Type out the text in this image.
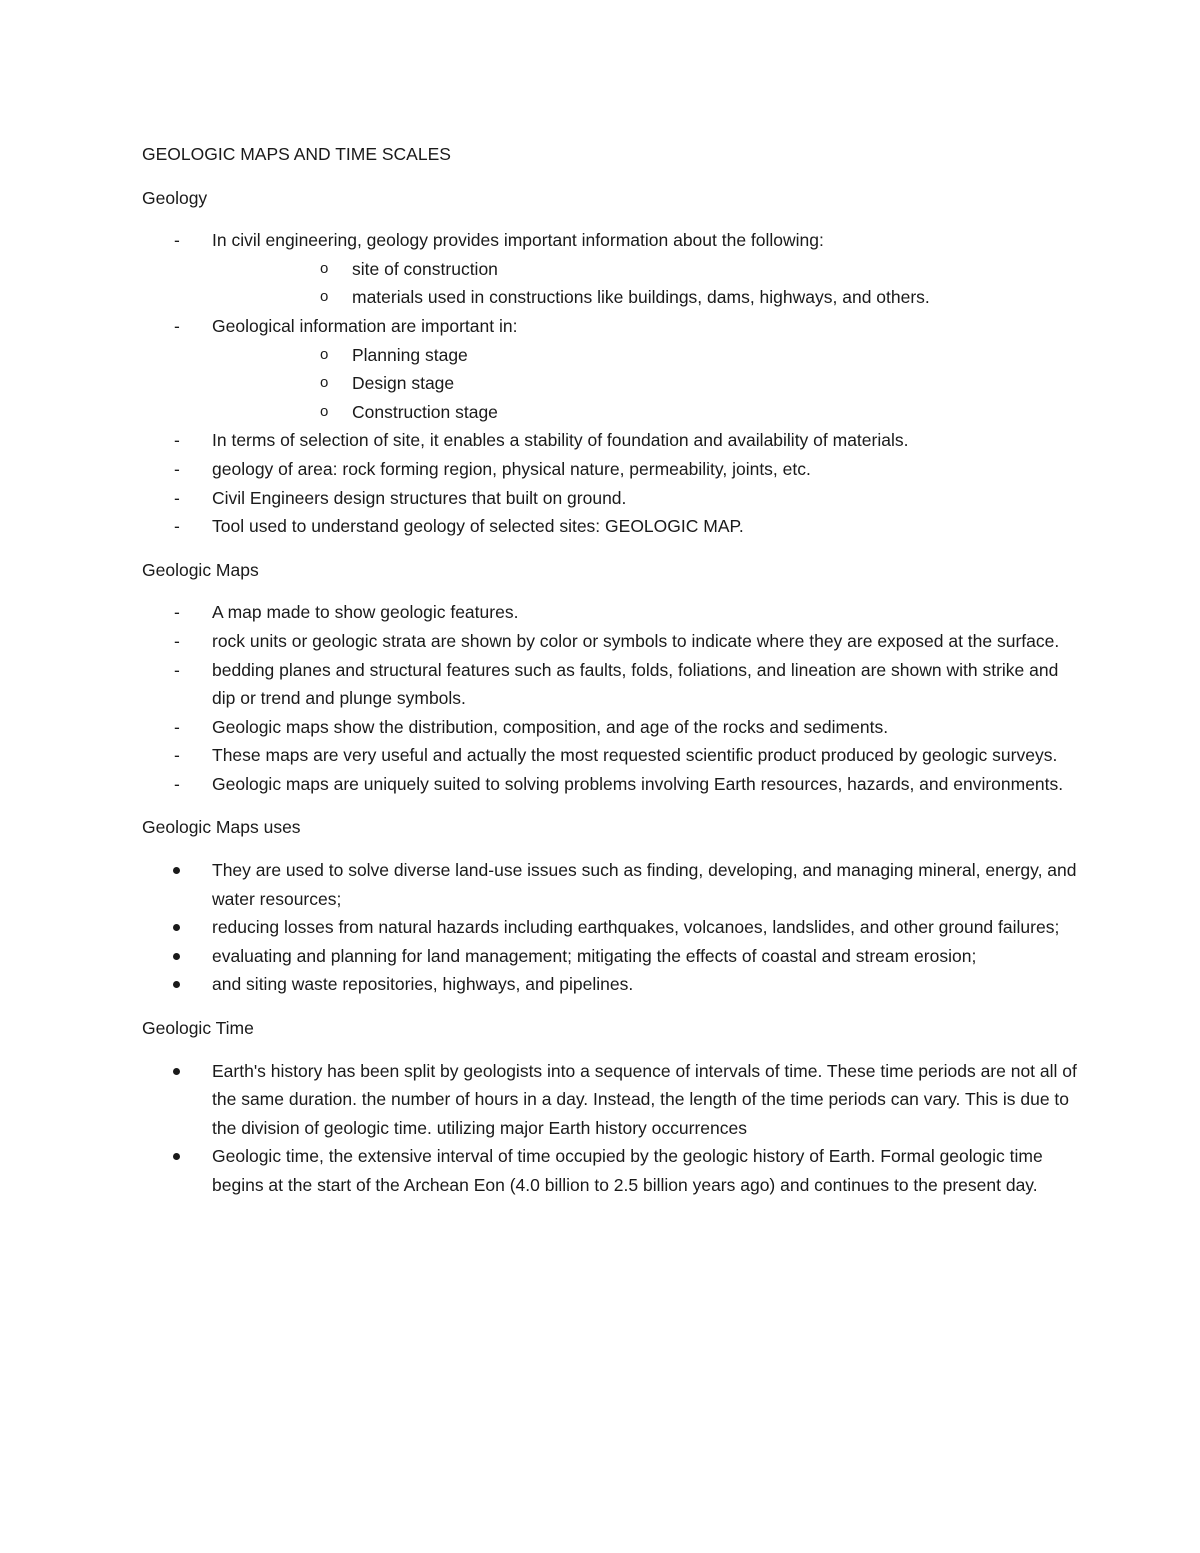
GEOLOGIC MAPS AND TIME SCALES
Geology
- In civil engineering, geology provides important information about the following:
o site of construction
o materials used in constructions like buildings, dams, highways, and others.
- Geological information are important in:
o Planning stage
o Design stage
o Construction stage
- In terms of selection of site, it enables a stability of foundation and availability of materials.
- geology of area: rock forming region, physical nature, permeability, joints, etc.
- Civil Engineers design structures that built on ground.
- Tool used to understand geology of selected sites: GEOLOGIC MAP.
Geologic Maps
- A map made to show geologic features.
- rock units or geologic strata are shown by color or symbols to indicate where they are exposed at the surface.
- bedding planes and structural features such as faults, folds, foliations, and lineation are shown with strike and dip or trend and plunge symbols.
- Geologic maps show the distribution, composition, and age of the rocks and sediments.
- These maps are very useful and actually the most requested scientific product produced by geologic surveys.
- Geologic maps are uniquely suited to solving problems involving Earth resources, hazards, and environments.
Geologic Maps uses
They are used to solve diverse land-use issues such as finding, developing, and managing mineral, energy, and water resources;
reducing losses from natural hazards including earthquakes, volcanoes, landslides, and other ground failures;
evaluating and planning for land management; mitigating the effects of coastal and stream erosion;
and siting waste repositories, highways, and pipelines.
Geologic Time
Earth's history has been split by geologists into a sequence of intervals of time. These time periods are not all of the same duration. the number of hours in a day. Instead, the length of the time periods can vary. This is due to the division of geologic time. utilizing major Earth history occurrences
Geologic time, the extensive interval of time occupied by the geologic history of Earth. Formal geologic time begins at the start of the Archean Eon (4.0 billion to 2.5 billion years ago) and continues to the present day.
